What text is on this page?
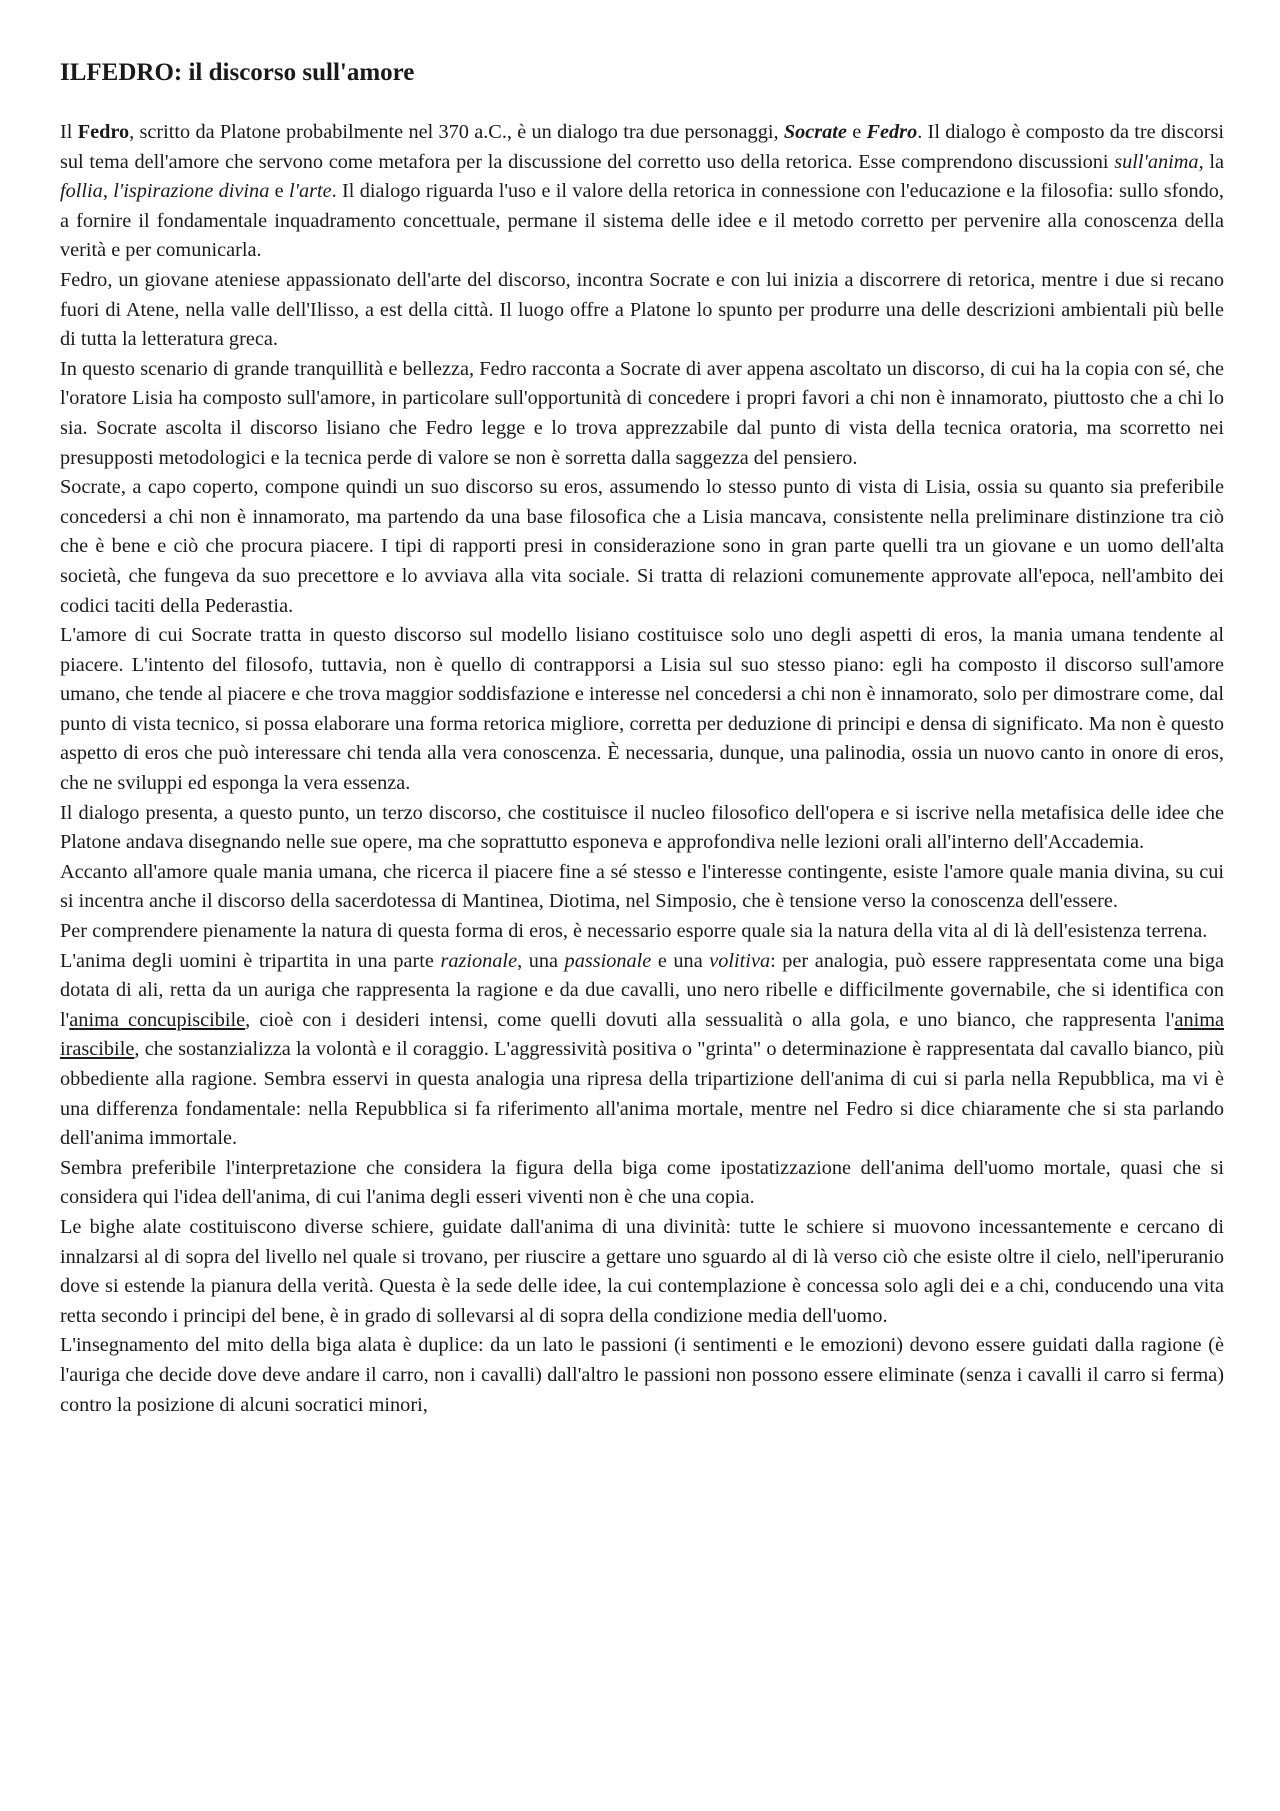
ILFEDRO: il discorso sull'amore

Il Fedro, scritto da Platone probabilmente nel 370 a.C., è un dialogo tra due personaggi, Socrate e Fedro. Il dialogo è composto da tre discorsi sul tema dell'amore che servono come metafora per la discussione del corretto uso della retorica. Esse comprendono discussioni sull'anima, la follia, l'ispirazione divina e l'arte. Il dialogo riguarda l'uso e il valore della retorica in connessione con l'educazione e la filosofia: sullo sfondo, a fornire il fondamentale inquadramento concettuale, permane il sistema delle idee e il metodo corretto per pervenire alla conoscenza della verità e per comunicarla.

Fedro, un giovane ateniese appassionato dell'arte del discorso, incontra Socrate e con lui inizia a discorrere di retorica, mentre i due si recano fuori di Atene, nella valle dell'Ilisso, a est della città. Il luogo offre a Platone lo spunto per produrre una delle descrizioni ambientali più belle di tutta la letteratura greca.

In questo scenario di grande tranquillità e bellezza, Fedro racconta a Socrate di aver appena ascoltato un discorso, di cui ha la copia con sé, che l'oratore Lisia ha composto sull'amore, in particolare sull'opportunità di concedere i propri favori a chi non è innamorato, piuttosto che a chi lo sia. Socrate ascolta il discorso lisiano che Fedro legge e lo trova apprezzabile dal punto di vista della tecnica oratoria, ma scorretto nei presupposti metodologici e la tecnica perde di valore se non è sorretta dalla saggezza del pensiero.

Socrate, a capo coperto, compone quindi un suo discorso su eros, assumendo lo stesso punto di vista di Lisia, ossia su quanto sia preferibile concedersi a chi non è innamorato, ma partendo da una base filosofica che a Lisia mancava, consistente nella preliminare distinzione tra ciò che è bene e ciò che procura piacere. I tipi di rapporti presi in considerazione sono in gran parte quelli tra un giovane e un uomo dell'alta società, che fungeva da suo precettore e lo avviava alla vita sociale. Si tratta di relazioni comunemente approvate all'epoca, nell'ambito dei codici taciti della Pederastia.

L'amore di cui Socrate tratta in questo discorso sul modello lisiano costituisce solo uno degli aspetti di eros, la mania umana tendente al piacere. L'intento del filosofo, tuttavia, non è quello di contrapporsi a Lisia sul suo stesso piano: egli ha composto il discorso sull'amore umano, che tende al piacere e che trova maggior soddisfazione e interesse nel concedersi a chi non è innamorato, solo per dimostrare come, dal punto di vista tecnico, si possa elaborare una forma retorica migliore, corretta per deduzione di principi e densa di significato. Ma non è questo aspetto di eros che può interessare chi tenda alla vera conoscenza. È necessaria, dunque, una palinodia, ossia un nuovo canto in onore di eros, che ne sviluppi ed esponga la vera essenza.

Il dialogo presenta, a questo punto, un terzo discorso, che costituisce il nucleo filosofico dell'opera e si iscrive nella metafisica delle idee che Platone andava disegnando nelle sue opere, ma che soprattutto esponeva e approfondiva nelle lezioni orali all'interno dell'Accademia.

Accanto all'amore quale mania umana, che ricerca il piacere fine a sé stesso e l'interesse contingente, esiste l'amore quale mania divina, su cui si incentra anche il discorso della sacerdotessa di Mantinea, Diotima, nel Simposio, che è tensione verso la conoscenza dell'essere.

Per comprendere pienamente la natura di questa forma di eros, è necessario esporre quale sia la natura della vita al di là dell'esistenza terrena.

L'anima degli uomini è tripartita in una parte razionale, una passionale e una volitiva: per analogia, può essere rappresentata come una biga dotata di ali, retta da un auriga che rappresenta la ragione e da due cavalli, uno nero ribelle e difficilmente governabile, che si identifica con l'anima concupiscibile, cioè con i desideri intensi, come quelli dovuti alla sessualità o alla gola, e uno bianco, che rappresenta l'anima irascibile, che sostanzializza la volontà e il coraggio. L'aggressività positiva o "grinta" o determinazione è rappresentata dal cavallo bianco, più obbediente alla ragione. Sembra esservi in questa analogia una ripresa della tripartizione dell'anima di cui si parla nella Repubblica, ma vi è una differenza fondamentale: nella Repubblica si fa riferimento all'anima mortale, mentre nel Fedro si dice chiaramente che si sta parlando dell'anima immortale.

Sembra preferibile l'interpretazione che considera la figura della biga come ipostatizzazione dell'anima dell'uomo mortale, quasi che si considera qui l'idea dell'anima, di cui l'anima degli esseri viventi non è che una copia.

Le bighe alate costituiscono diverse schiere, guidate dall'anima di una divinità: tutte le schiere si muovono incessantemente e cercano di innalzarsi al di sopra del livello nel quale si trovano, per riuscire a gettare uno sguardo al di là verso ciò che esiste oltre il cielo, nell'iperuranio dove si estende la pianura della verità. Questa è la sede delle idee, la cui contemplazione è concessa solo agli dei e a chi, conducendo una vita retta secondo i principi del bene, è in grado di sollevarsi al di sopra della condizione media dell'uomo.

L'insegnamento del mito della biga alata è duplice: da un lato le passioni (i sentimenti e le emozioni) devono essere guidati dalla ragione (è l'auriga che decide dove deve andare il carro, non i cavalli) dall'altro le passioni non possono essere eliminate (senza i cavalli il carro si ferma) contro la posizione di alcuni socratici minori,
